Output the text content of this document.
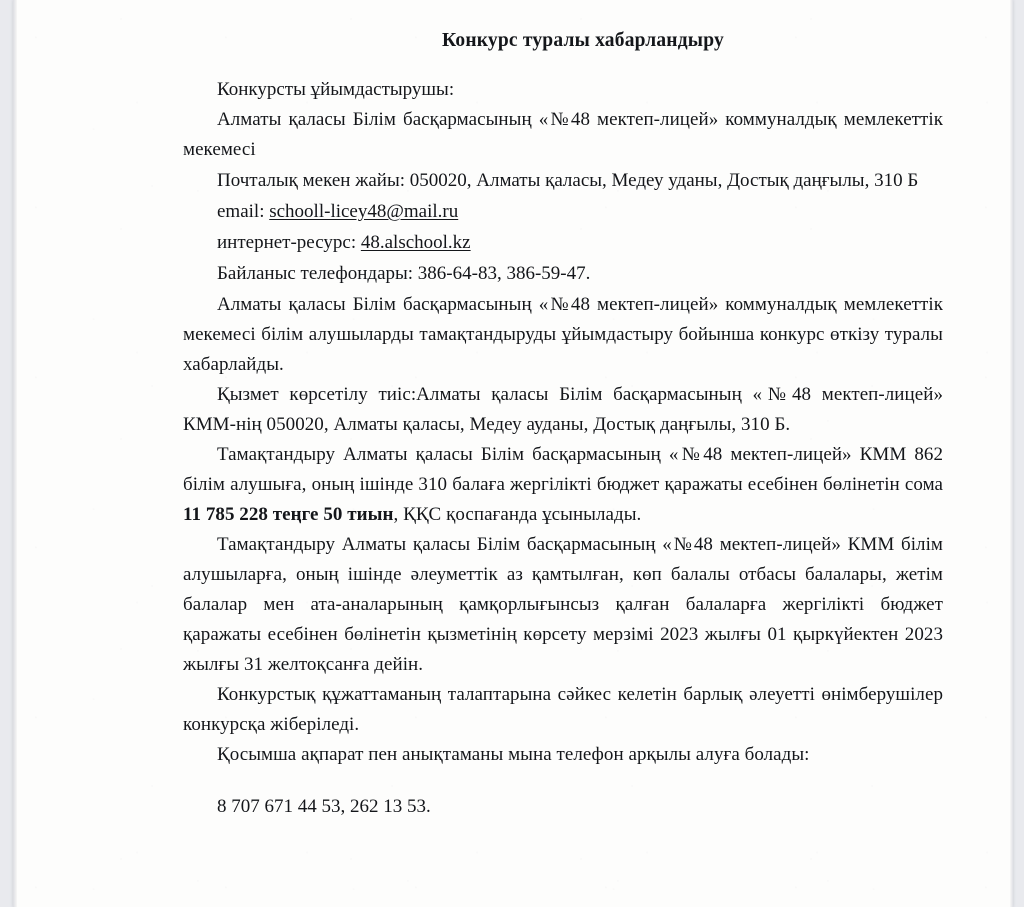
Конкурс туралы хабарландыру
Конкурсты ұйымдастырушы:

Алматы қаласы Білім басқармасының «№48 мектеп-лицей» коммуналдық мемлекеттік мекемесі

Почталық мекен жайы: 050020, Алматы қаласы, Медеу уданы, Достық даңғылы, 310 Б
email: schooll-licey48@mail.ru
интернет-ресурс: 48.alschool.kz
Байланыс телефондары: 386-64-83, 386-59-47.

Алматы қаласы Білім басқармасының «№48 мектеп-лицей» коммуналдық мемлекеттік мекемесі білім алушыларды тамақтандыруды ұйымдастыру бойынша конкурс өткізу туралы хабарлайды.

Қызмет көрсетілу тиіс:Алматы қаласы Білім басқармасының «№48 мектеп-лицей» КММ-нің 050020, Алматы қаласы, Медеу ауданы, Достық даңғылы, 310 Б.

Тамақтандыру Алматы қаласы Білім басқармасының «№48 мектеп-лицей» КММ 862 білім алушыға, оның ішінде 310 балаға жергілікті бюджет қаражаты есебінен бөлінетін сома 11 785 228 теңге 50 тиын, ҚҚС қоспағанда ұсынылады.

Тамақтандыру Алматы қаласы Білім басқармасының «№48 мектеп-лицей» КММ білім алушыларға, оның ішінде әлеуметтік аз қамтылған, көп балалы отбасы балалары, жетім балалар мен ата-аналарының қамқорлығынсыз қалған балаларға жергілікті бюджет қаражаты есебінен бөлінетін қызметінің көрсету мерзімі 2023 жылғы 01 қыркүйектен 2023 жылғы 31 желтоқсанға дейін.

Конкурстық құжаттаманың талаптарына сәйкес келетін барлық әлеуетті өнімберушілер конкурсқа жіберіледі.

Қосымша ақпарат пен анықтаманы мына телефон арқылы алуға болады:

8 707 671 44 53, 262 13 53.
